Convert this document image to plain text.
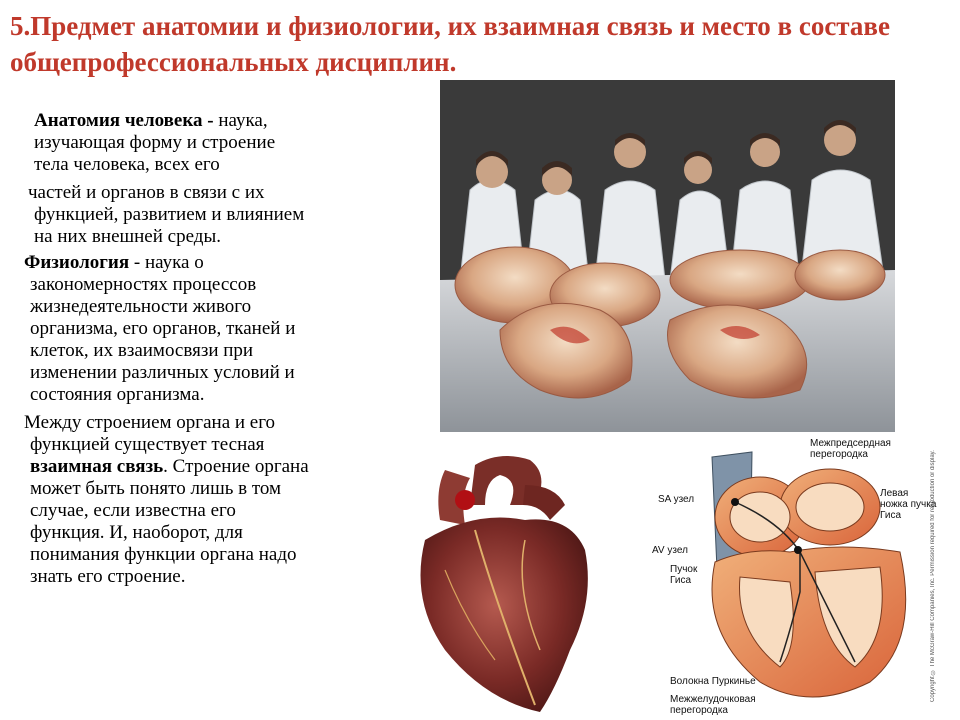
5.Предмет анатомии и физиологии, их взаимная связь и место в составе общепрофессиональных дисциплин.

Анатомия человека - наука,
изучающая форму и строение
тела человека, всех его

частей и органов в связи с их
функцией, развитием и влиянием
на них внешней среды.

Физиология - наука о
закономерностях процессов
жизнедеятельности живого
организма, его органов, тканей и
клеток, их взаимосвязи при
изменении различных условий и
состояния организма.

Между строением органа и его
функцией существует тесная
взаимная связь. Строение органа
может быть понято лишь в том
случае, если известна его
функция. И, наоборот, для
понимания функции органа надо
знать его строение.

Межпредсердная
перегородка
SA узел
Левая
ножка пучка
Гиса
AV узел
Пучок
Гиса
Волокна Пуркинье
Межжелудочковая
перегородка
Copyright © The McGraw-Hill Companies, Inc. Permission required for reproduction or display.
